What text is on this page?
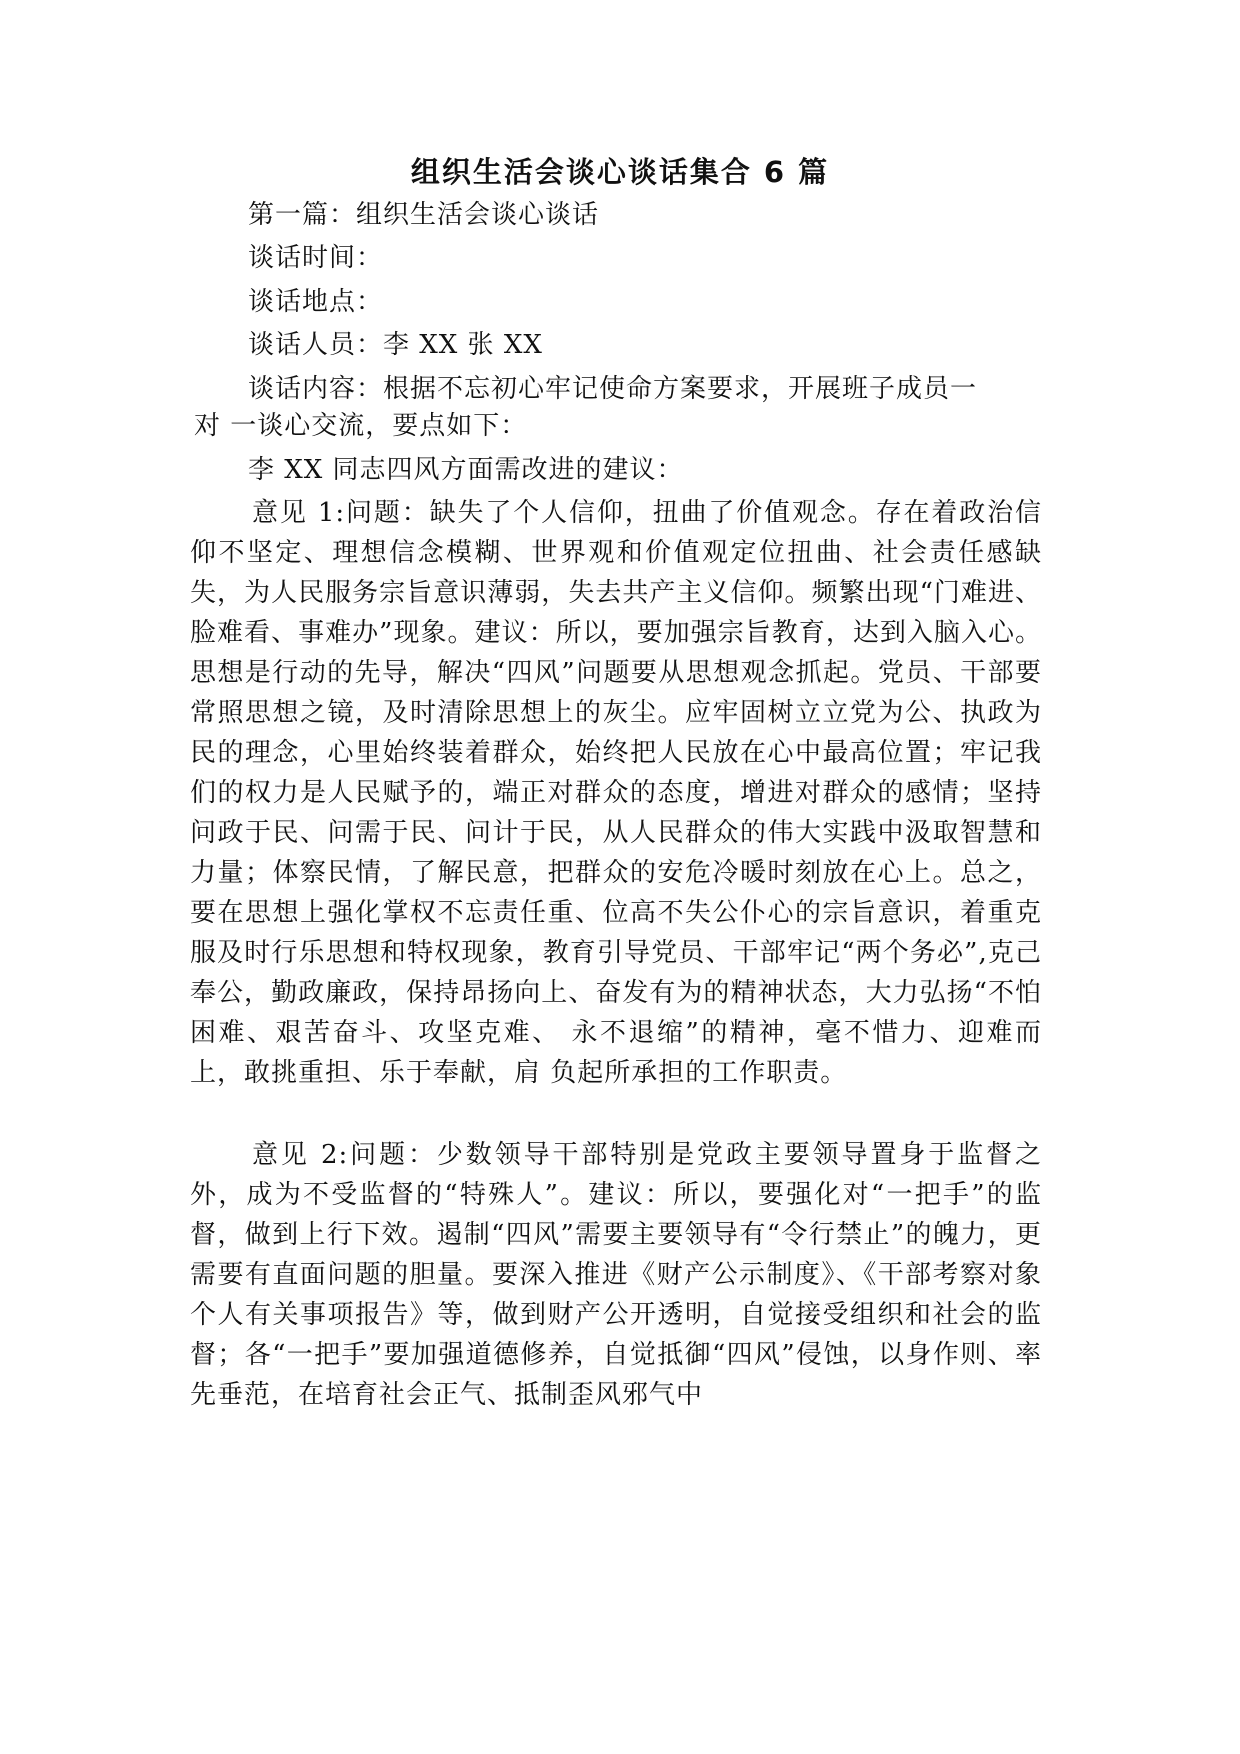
组织生活会谈心谈话集合 6 篇
第一篇：组织生活会谈心谈话
谈话时间：
谈话地点：
谈话人员：李 XX 张 XX
谈话内容：根据不忘初心牢记使命方案要求，开展班子成员一
对 一谈心交流，要点如下：
李 XX 同志四风方面需改进的建议：
意见 1:问题：缺失了个人信仰，扭曲了价值观念。存在着政治信仰不坚定、理想信念模糊、世界观和价值观定位扭曲、社会责任感缺失，为人民服务宗旨意识薄弱，失去共产主义信仰。频繁出现“门难进、脸难看、事难办”现象。建议：所以，要加强宗旨教育，达到入脑入心。思想是行动的先导，解决“四风”问题要从思想观念抓起。党员、干部要常照思想之镜，及时清除思想上的灰尘。应牢固树立立党为公、执政为民的理念，心里始终装着群众，始终把人民放在心中最高位置；牢记我们的权力是人民赋予的，端正对群众的态度，增进对群众的感情；坚持问政于民、问需于民、问计于民，从人民群众的伟大实践中汲取智慧和力量；体察民情，了解民意，把群众的安危冷暖时刻放在心上。总之，要在思想上强化掌权不忘责任重、位高不失公仆心的宗旨意识，着重克服及时行乐思想和特权现象，教育引导党员、干部牢记“两个务必”,克己奉公，勤政廉政，保持昂扬向上、奋发有为的精神状态，大力弘扬“不怕困难、艰苦奋斗、攻坚克难、 永不退缩”的精神，毫不惜力、迎难而上，敢挑重担、乐于奉献，肩 负起所承担的工作职责。
意见 2:问题：少数领导干部特别是党政主要领导置身于监督之外，成为不受监督的“特殊人”。建议：所以，要强化对“一把手”的监督，做到上行下效。遏制“四风”需要主要领导有“令行禁止”的魄力，更需要有直面问题的胆量。要深入推进《财产公示制度》、《干部考察对象个人有关事项报告》等，做到财产公开透明，自觉接受组织和社会的监督；各“一把手”要加强道德修养，自觉抵御“四风”侵蚀，以身作则、率先垂范，在培育社会正气、抵制歪风邪气中
